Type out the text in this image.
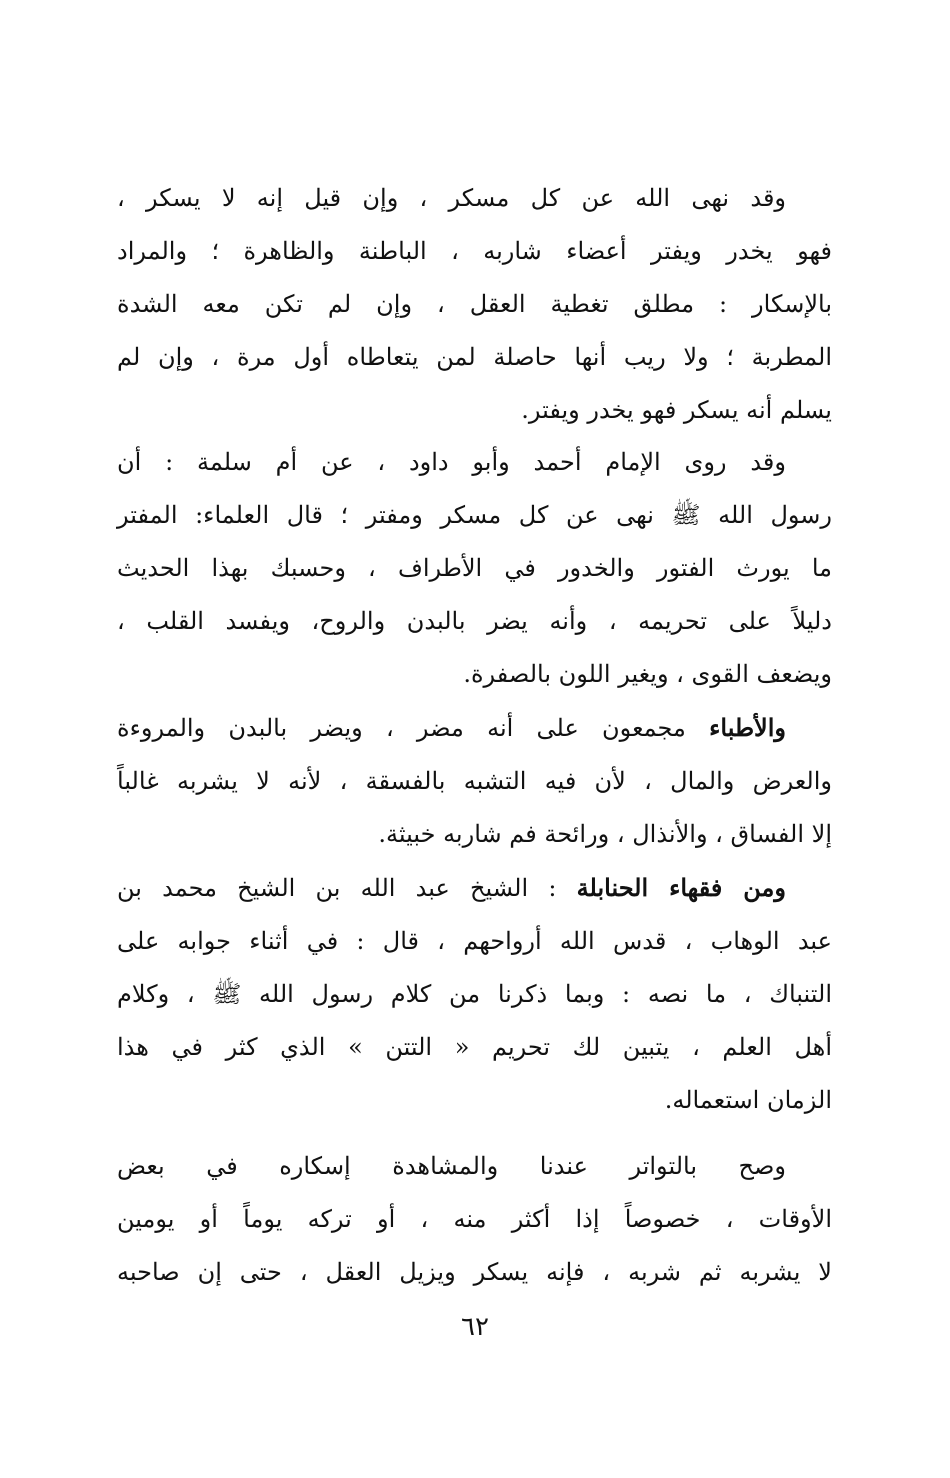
وقد نهى الله عن كل مسكر ، وإن قيل إنه لا يسكر ،
فهو يخدر ويفتر أعضاء شاربه ، الباطنة والظاهرة ؛ والمراد
بالإسكار : مطلق تغطية العقل ، وإن لم تكن معه الشدة
المطربة ؛ ولا ريب أنها حاصلة لمن يتعاطاه أول مرة ، وإن لم
يسلم أنه يسكر فهو يخدر ويفتر.

وقد روى الإمام أحمد وأبو داود ، عن أم سلمة : أن
رسول الله ﷺ نهى عن كل مسكر ومفتر ؛ قال العلماء: المفتر
ما يورث الفتور والخدور في الأطراف ، وحسبك بهذا الحديث
دليلاً على تحريمه ، وأنه يضر بالبدن والروح، ويفسد القلب ،
ويضعف القوى ، ويغير اللون بالصفرة.

والأطباء مجمعون على أنه مضر ، ويضر بالبدن والمروءة
والعرض والمال ، لأن فيه التشبه بالفسقة ، لأنه لا يشربه غالباً
إلا الفساق ، والأنذال ، ورائحة فم شاربه خبيثة.

ومن فقهاء الحنابلة : الشيخ عبد الله بن الشيخ محمد بن
عبد الوهاب ، قدس الله أرواحهم ، قال : في أثناء جوابه على
التنباك ، ما نصه : وبما ذكرنا من كلام رسول الله ﷺ ، وكلام
أهل العلم ، يتبين لك تحريم « التتن » الذي كثر في هذا
الزمان استعماله.

وصح بالتواتر عندنا والمشاهدة إسكاره في بعض
الأوقات ، خصوصاً إذا أكثر منه ، أو تركه يوماً أو يومين
لا يشربه ثم شربه ، فإنه يسكر ويزيل العقل ، حتى إن صاحبه

٦٢
